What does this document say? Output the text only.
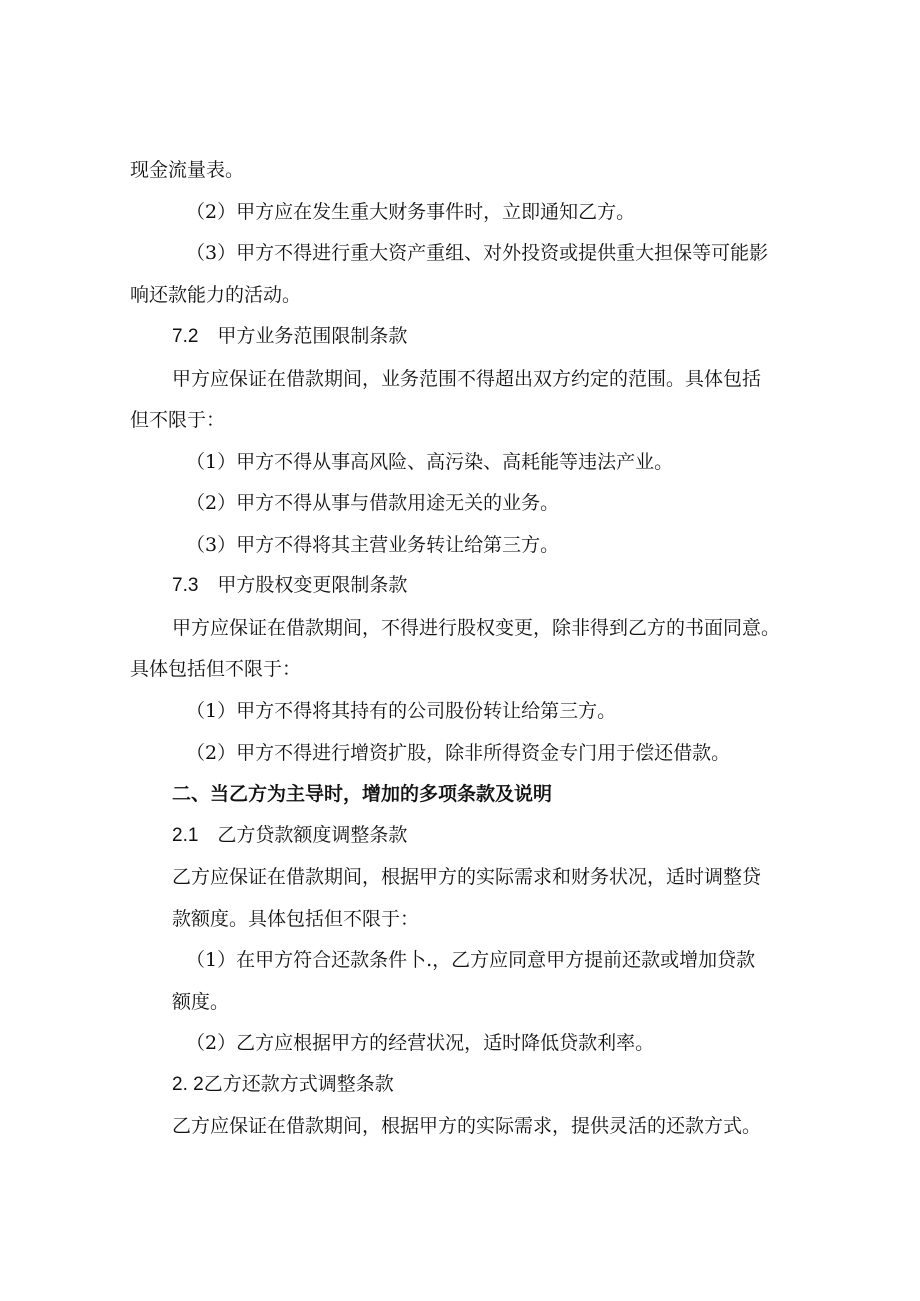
现金流量表。
（2）甲方应在发生重大财务事件时，立即通知乙方。
（3）甲方不得进行重大资产重组、对外投资或提供重大担保等可能影
响还款能力的活动。
7.2　甲方业务范围限制条款
甲方应保证在借款期间，业务范围不得超出双方约定的范围。具体包括
但不限于：
（1）甲方不得从事高风险、高污染、高耗能等违法产业。
（2）甲方不得从事与借款用途无关的业务。
（3）甲方不得将其主营业务转让给第三方。
7.3　甲方股权变更限制条款
甲方应保证在借款期间，不得进行股权变更，除非得到乙方的书面同意。
具体包括但不限于：
（1）甲方不得将其持有的公司股份转让给第三方。
（2）甲方不得进行增资扩股，除非所得资金专门用于偿还借款。
二、当乙方为主导时，增加的多项条款及说明
2.1　乙方贷款额度调整条款
乙方应保证在借款期间，根据甲方的实际需求和财务状况，适时调整贷
款额度。具体包括但不限于：
（1）在甲方符合还款条件卜.，乙方应同意甲方提前还款或增加贷款
额度。
（2）乙方应根据甲方的经营状况，适时降低贷款利率。
2. 2乙方还款方式调整条款
乙方应保证在借款期间，根据甲方的实际需求，提供灵活的还款方式。
